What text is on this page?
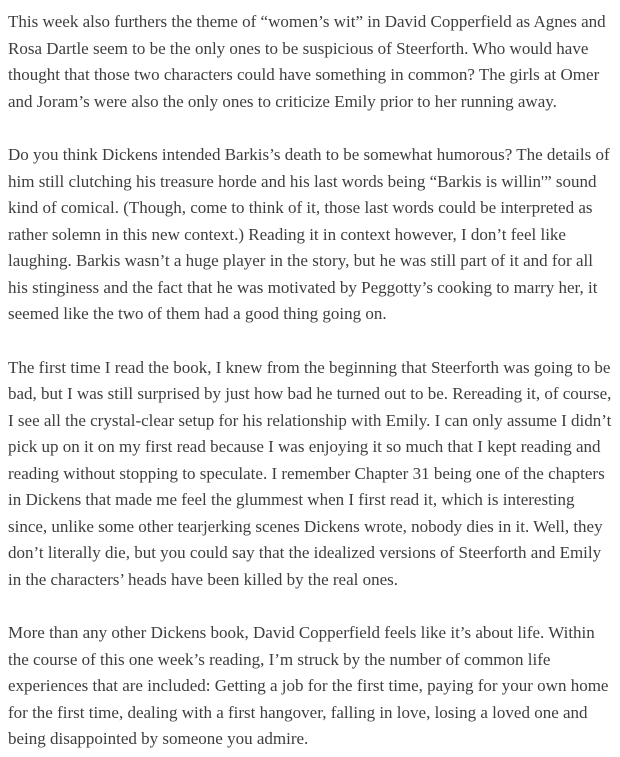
This week also furthers the theme of “women’s wit” in David Copperfield as Agnes and Rosa Dartle seem to be the only ones to be suspicious of Steerforth. Who would have thought that those two characters could have something in common? The girls at Omer and Joram’s were also the only ones to criticize Emily prior to her running away.

Do you think Dickens intended Barkis’s death to be somewhat humorous? The details of him still clutching his treasure horde and his last words being “Barkis is willin'” sound kind of comical. (Though, come to think of it, those last words could be interpreted as rather solemn in this new context.) Reading it in context however, I don’t feel like laughing. Barkis wasn’t a huge player in the story, but he was still part of it and for all his stinginess and the fact that he was motivated by Peggotty’s cooking to marry her, it seemed like the two of them had a good thing going on.

The first time I read the book, I knew from the beginning that Steerforth was going to be bad, but I was still surprised by just how bad he turned out to be. Rereading it, of course, I see all the crystal-clear setup for his relationship with Emily. I can only assume I didn’t pick up on it on my first read because I was enjoying it so much that I kept reading and reading without stopping to speculate. I remember Chapter 31 being one of the chapters in Dickens that made me feel the glummest when I first read it, which is interesting since, unlike some other tearjerking scenes Dickens wrote, nobody dies in it. Well, they don’t literally die, but you could say that the idealized versions of Steerforth and Emily in the characters’ heads have been killed by the real ones.

More than any other Dickens book, David Copperfield feels like it’s about life. Within the course of this one week’s reading, I’m struck by the number of common life experiences that are included: Getting a job for the first time, paying for your own home for the first time, dealing with a first hangover, falling in love, losing a loved one and being disappointed by someone you admire.
